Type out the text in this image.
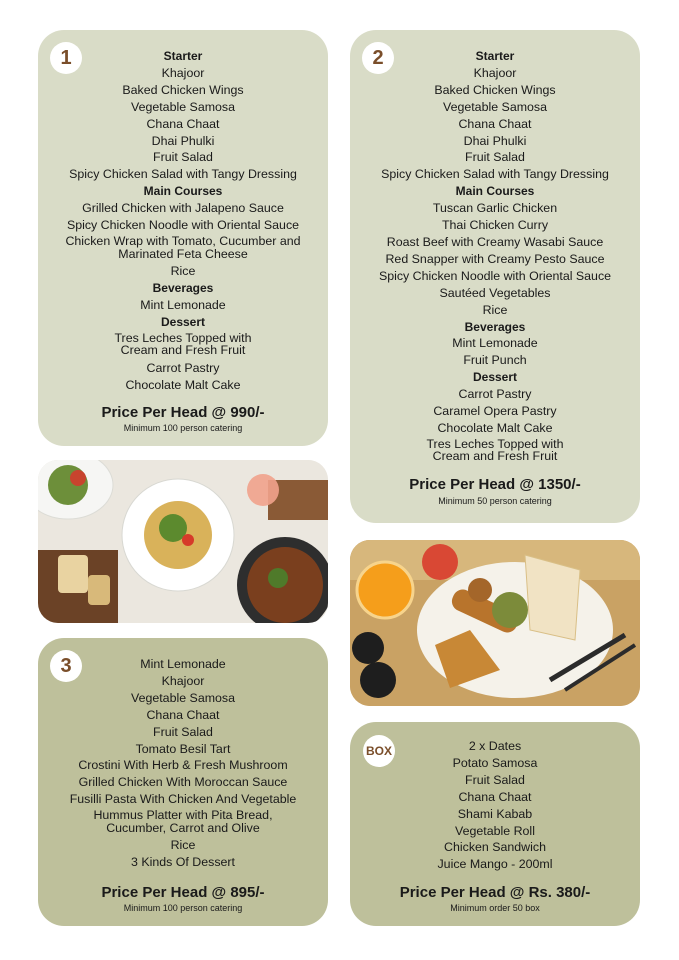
1	Starter
Khajoor
Baked Chicken Wings
Vegetable Samosa
Chana Chaat
Dhai Phulki
Fruit Salad
Spicy Chicken Salad with Tangy Dressing
Main Courses
Grilled Chicken with Jalapeno Sauce
Spicy Chicken Noodle with Oriental Sauce
Chicken Wrap with Tomato, Cucumber and
Marinated Feta Cheese
Rice
Beverages
Mint Lemonade
Dessert
Tres Leches Topped with
Cream and Fresh Fruit
Carrot Pastry
Chocolate Malt Cake
Price Per Head @ 990/-
Minimum 100 person catering
2	Starter
Khajoor
Baked Chicken Wings
Vegetable Samosa
Chana Chaat
Dhai Phulki
Fruit Salad
Spicy Chicken Salad with Tangy Dressing
Main Courses
Tuscan Garlic Chicken
Thai Chicken Curry
Roast Beef with Creamy Wasabi Sauce
Red Snapper with Creamy Pesto Sauce
Spicy Chicken Noodle with Oriental Sauce
Sautéed Vegetables
Rice
Beverages
Mint Lemonade
Fruit Punch
Dessert
Carrot Pastry
Caramel Opera Pastry
Chocolate Malt Cake
Tres Leches Topped with
Cream and Fresh Fruit
Price Per Head @ 1350/-
Minimum 50 person catering
3	Mint Lemonade
Khajoor
Vegetable Samosa
Chana Chaat
Fruit Salad
Tomato Besil Tart
Crostini With Herb & Fresh Mushroom
Grilled Chicken With Moroccan Sauce
Fusilli Pasta With Chicken And Vegetable
Hummus Platter with Pita Bread,
Cucumber, Carrot and Olive
Rice
3 Kinds Of Dessert
Price Per Head @ 895/-
Minimum 100 person catering
BOX	2 x Dates
Potato Samosa
Fruit Salad
Chana Chaat
Shami Kabab
Vegetable Roll
Chicken Sandwich
Juice Mango - 200ml
Price Per Head @ Rs. 380/-
Minimum order 50 box
